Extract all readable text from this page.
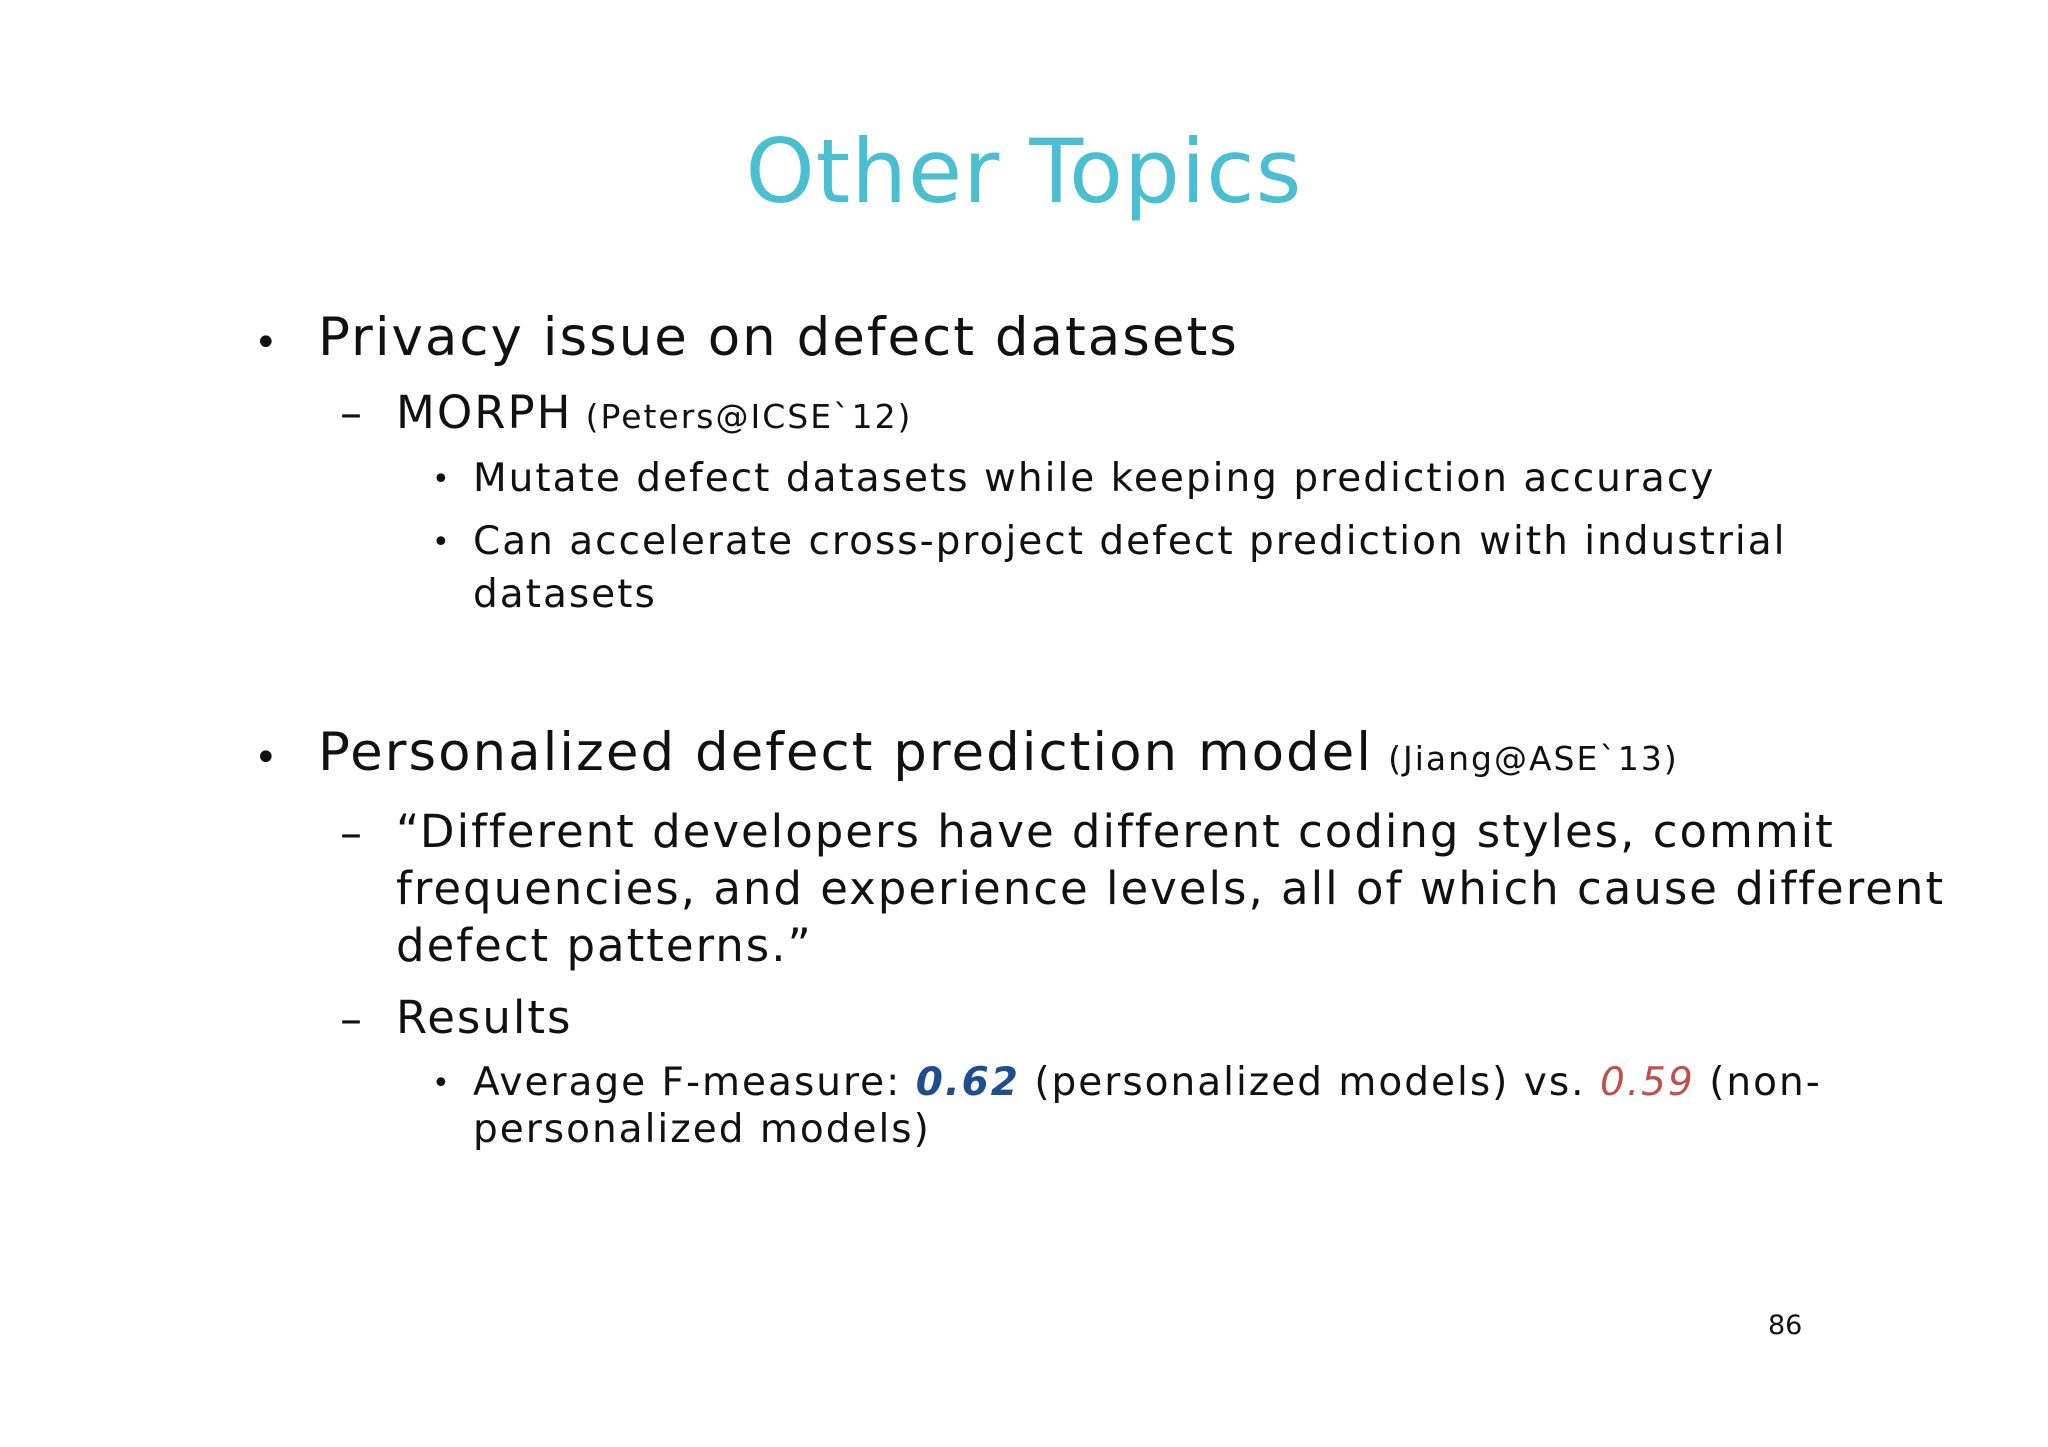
Other Topics
• Privacy issue on defect datasets
– MORPH (Peters@ICSE`12)
• Mutate defect datasets while keeping prediction accuracy
• Can accelerate cross-project defect prediction with industrial
datasets
• Personalized defect prediction model (Jiang@ASE`13)
– “Different developers have different coding styles, commit
frequencies, and experience levels, all of which cause different
defect patterns.”
– Results
• Average F-measure: 0.62 (personalized models) vs. 0.59 (non-
personalized models)
86
